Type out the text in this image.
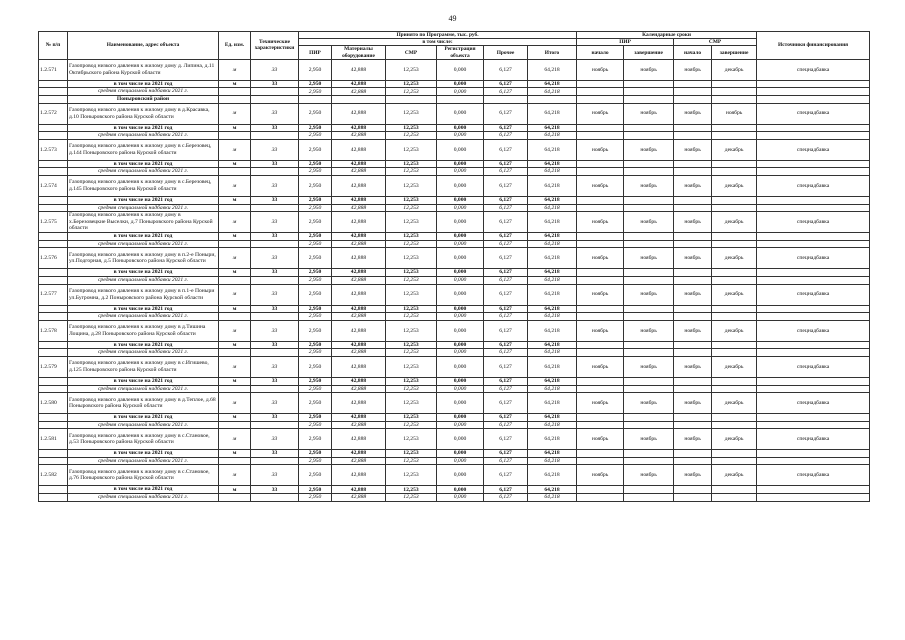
49
№ п/п	Наименование, адрес объекта	Ед. изм.	Технические характеристики	Принято по Программе, тыс. руб.						Календарные сроки				Источники финансирования
				в том числе:						ПИР		СМР		
				ПИР	Материалы оборудование	СМР	Регистрация объекта	Прочее	Итого	начало	завершение	начало	завершение	
1.2.571	Газопровод низкого давления к жилому дому д. Липина, д.11 Октябрьского района Курской области	м	33	2,950	42,888	12,253	0,000	6,127	64,218	ноябрь	ноябрь	ноябрь	декабрь	спецнадбавка
	в том числе на 2021 год	м	33	2,950	42,888	12,253	0,000	6,127	64,218					
	средняя специальной надбавки 2021 г.			2,950	42,888	12,253	0,000	6,127	64,218					
	Поныровский район													
1.2.572	Газопровод низкого давления к жилому дому в д.Красавка, д.10 Поныровского района Курской области	м	33	2,950	42,888	12,253	0,000	6,127	64,218	ноябрь	ноябрь	ноябрь	ноябрь	спецнадбавка
	в том числе на 2021 год	м	33	2,950	42,888	12,253	0,000	6,127	64,218					
	средняя специальной надбавки 2021 г.			2,950	42,888	12,253	0,000	6,127	64,218					
1.2.573	Газопровод низкого давления к жилому дому в с.Березовец, д.144 Поныровского района Курской области	м	33	2,950	42,888	12,253	0,000	6,127	64,218	ноябрь	ноябрь	ноябрь	декабрь	спецнадбавка
	в том числе на 2021 год	м	33	2,950	42,888	12,253	0,000	6,127	64,218					
	средняя специальной надбавки 2021 г.			2,950	42,888	12,253	0,000	6,127	64,218					
1.2.574	Газопровод низкого давления к жилому дому в с.Березовец, д.145 Поныровского района Курской области	м	33	2,950	42,888	12,253	0,000	6,127	64,218	ноябрь	ноябрь	ноябрь	декабрь	спецнадбавка
	в том числе на 2021 год	м	33	2,950	42,888	12,253	0,000	6,127	64,218					
	средняя специальной надбавки 2021 г.			2,950	42,888	12,253	0,000	6,127	64,218					
1.2.575	Газопровод низкого давления к жилому дому в х.Березовецкие Выселки, д.7 Поныровского района Курской области	м	33	2,950	42,888	12,253	0,000	6,127	64,218	ноябрь	ноябрь	ноябрь	декабрь	спецнадбавка
	в том числе на 2021 год	м	33	2,950	42,888	12,253	0,000	6,127	64,218					
	средняя специальной надбавки 2021 г.			2,950	42,888	12,253	0,000	6,127	64,218					
1.2.576	Газопровод низкого давления к жилому дому в п.2-е Поныри, ул.Подгорная, д.5 Поныровского района Курской области	м	33	2,950	42,888	12,253	0,000	6,127	64,218	ноябрь	ноябрь	ноябрь	декабрь	спецнадбавка
	в том числе на 2021 год	м	33	2,950	42,888	12,253	0,000	6,127	64,218					
	средняя специальной надбавки 2021 г.			2,950	42,888	12,253	0,000	6,127	64,218					
1.2.577	Газопровод низкого давления к жилому дому в п.1-е Поныри ул.Бугромна, д.2 Поныровского района Курской области	м	33	2,950	42,888	12,253	0,000	6,127	64,218	ноябрь	ноябрь	ноябрь	декабрь	спецнадбавка
	в том числе на 2021 год	м	33	2,950	42,888	12,253	0,000	6,127	64,218					
	средняя специальной надбавки 2021 г.			2,950	42,888	12,253	0,000	6,127	64,218					
1.2.578	Газопровод низкого давления к жилому дому в д.Тишина Лощина, д.28 Поныровского района Курской области	м	33	2,950	42,888	12,253	0,000	6,127	64,218	ноябрь	ноябрь	ноябрь	декабрь	спецнадбавка
	в том числе на 2021 год	м	33	2,950	42,888	12,253	0,000	6,127	64,218					
	средняя специальной надбавки 2021 г.			2,950	42,888	12,253	0,000	6,127	64,218					
1.2.579	Газопровод низкого давления к жилому дому в с.Игишево, д.125 Поныровского района Курской области	м	33	2,950	42,888	12,253	0,000	6,127	64,218	ноябрь	ноябрь	ноябрь	декабрь	спецнадбавка
	в том числе на 2021 год	м	33	2,950	42,888	12,253	0,000	6,127	64,218					
	средняя специальной надбавки 2021 г.			2,950	42,888	12,253	0,000	6,127	64,218					
1.2.580	Газопровод низкого давления к жилому дому в д.Теплое, д.68 Поныровского района Курской области	м	33	2,950	42,888	12,253	0,000	6,127	64,218	ноябрь	ноябрь	ноябрь	декабрь	спецнадбавка
	в том числе на 2021 год	м	33	2,950	42,888	12,253	0,000	6,127	64,218					
	средняя специальной надбавки 2021 г.			2,950	42,888	12,253	0,000	6,127	64,218					
1.2.581	Газопровод низкого давления к жилому дому в с.Становое, д.53 Поныровского района Курской области	м	33	2,950	42,888	12,253	0,000	6,127	64,218	ноябрь	ноябрь	ноябрь	декабрь	спецнадбавка
	в том числе на 2021 год	м	33	2,950	42,888	12,253	0,000	6,127	64,218					
	средняя специальной надбавки 2021 г.			2,950	42,888	12,253	0,000	6,127	64,218					
1.2.582	Газопровод низкого давления к жилому дому в с.Становое, д.76 Поныровского района Курской области	м	33	2,950	42,888	12,253	0,000	6,127	64,218	ноябрь	ноябрь	ноябрь	декабрь	спецнадбавка
	в том числе на 2021 год	м	33	2,950	42,888	12,253	0,000	6,127	64,218					
	средняя специальной надбавки 2021 г.			2,950	42,888	12,253	0,000	6,127	64,218					
